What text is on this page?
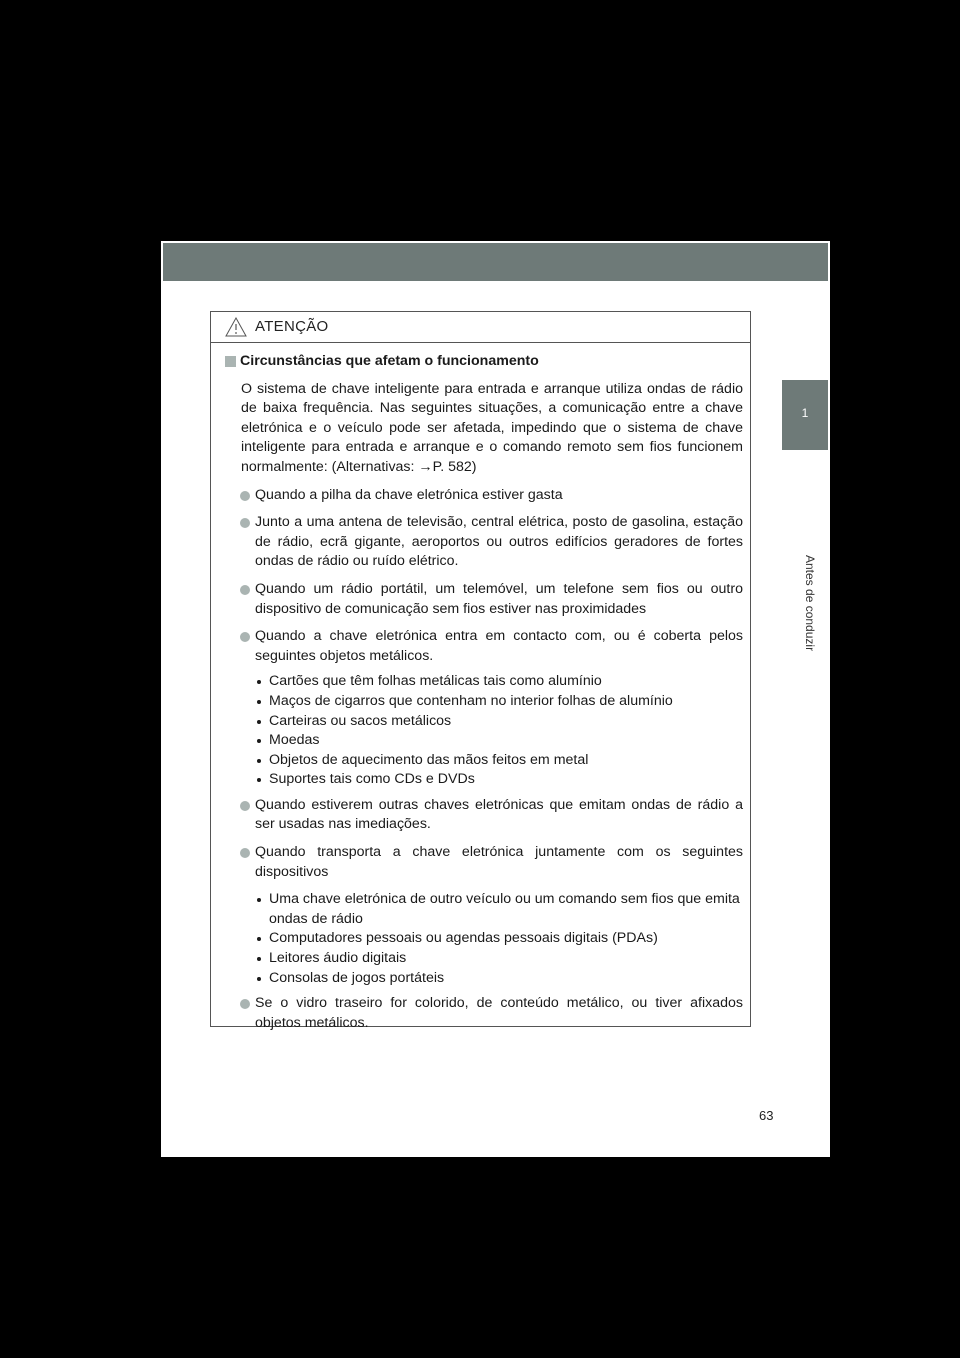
1
Antes de conduzir
ATENÇÃO
Circunstâncias que afetam o funcionamento

O sistema de chave inteligente para entrada e arranque utiliza ondas de rádio de baixa frequência. Nas seguintes situações, a comunicação entre a chave eletrónica e o veículo pode ser afetada, impedindo que o sistema de chave inteligente para entrada e arranque e o comando remoto sem fios funcionem normalmente: (Alternativas: →P. 582)

Quando a pilha da chave eletrónica estiver gasta

Junto a uma antena de televisão, central elétrica, posto de gasolina, estação de rádio, ecrã gigante, aeroportos ou outros edifícios geradores de fortes ondas de rádio ou ruído elétrico.

Quando um rádio portátil, um telemóvel, um telefone sem fios ou outro dispositivo de comunicação sem fios estiver nas proximidades

Quando a chave eletrónica entra em contacto com, ou é coberta pelos seguintes objetos metálicos.

Cartões que têm folhas metálicas tais como alumínio
Maços de cigarros que contenham no interior folhas de alumínio
Carteiras ou sacos metálicos
Moedas
Objetos de aquecimento das mãos feitos em metal
Suportes tais como CDs e DVDs

Quando estiverem outras chaves eletrónicas que emitam ondas de rádio a ser usadas nas imediações.

Quando transporta a chave eletrónica juntamente com os seguintes dispositivos

Uma chave eletrónica de outro veículo ou um comando sem fios que emita ondas de rádio
Computadores pessoais ou agendas pessoais digitais (PDAs)
Leitores áudio digitais
Consolas de jogos portáteis

Se o vidro traseiro for colorido, de conteúdo metálico, ou tiver afixados objetos metálicos.

63
